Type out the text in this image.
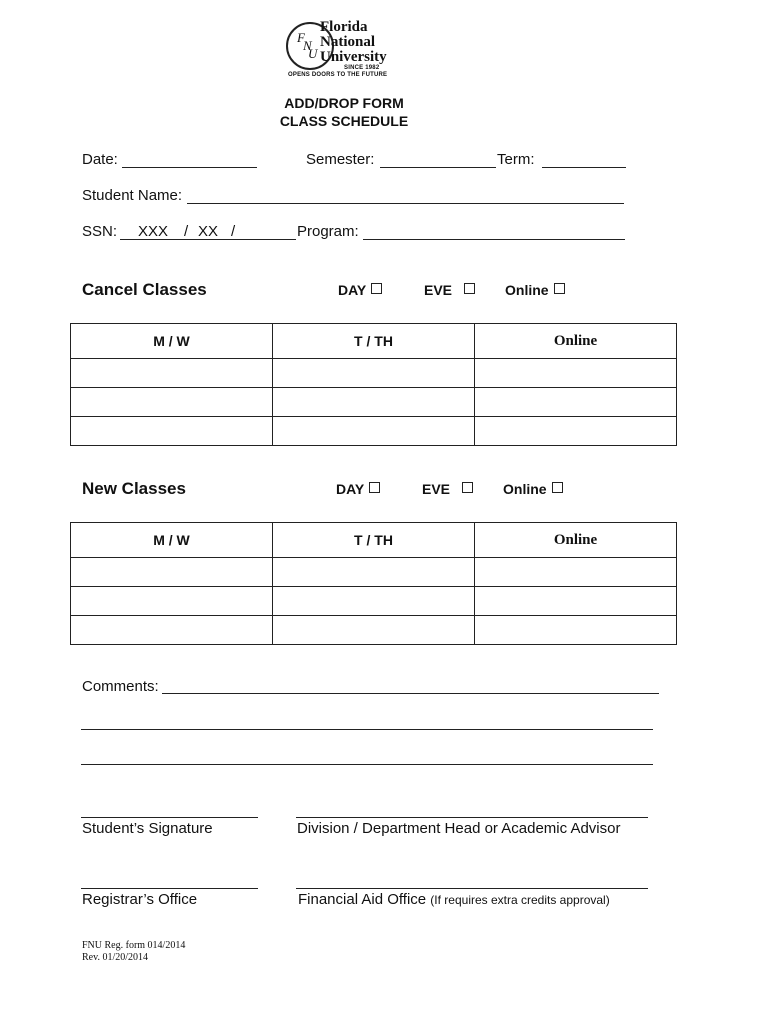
F
N
U
Florida
National
University
SINCE 1982
OPENS DOORS TO THE FUTURE
ADD/DROP FORM
CLASS SCHEDULE
Date:	Semester:	Term:
Student Name:
SSN: XXX / XX /	Program:
Cancel Classes	DAY	EVE	Online
M / W	T / TH	Online

New Classes	DAY	EVE	Online
M / W	T / TH	Online

Comments:
Student’s Signature	Division / Department Head or Academic Advisor
Registrar’s Office	Financial Aid Office (If requires extra credits approval)
FNU Reg. form 014/2014
Rev. 01/20/2014
